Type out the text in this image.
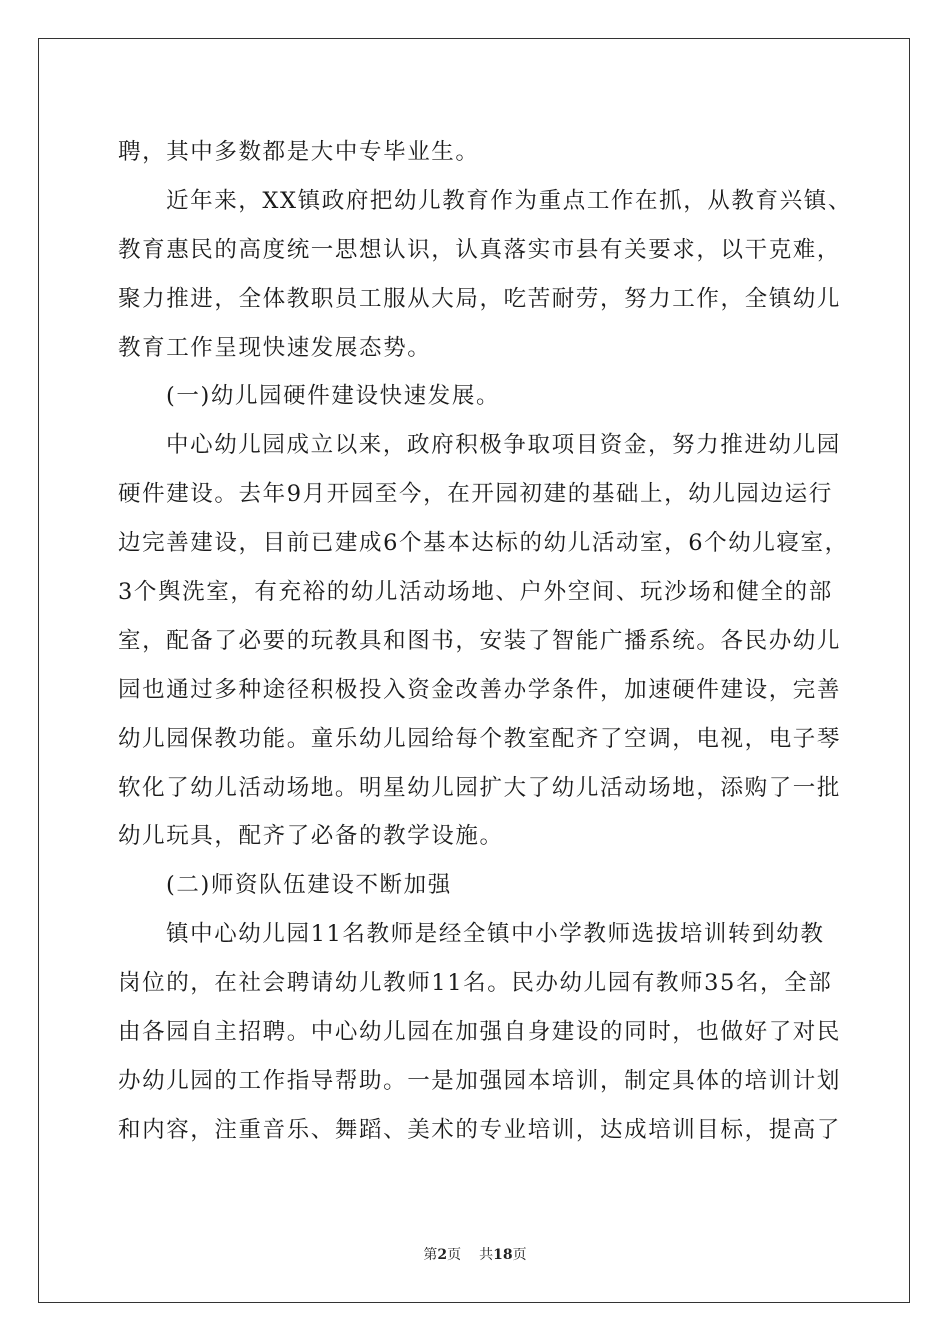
聘，其中多数都是大中专毕业生。
近年来，XX镇政府把幼儿教育作为重点工作在抓，从教育兴镇、
教育惠民的高度统一思想认识，认真落实市县有关要求，以干克难，
聚力推进，全体教职员工服从大局，吃苦耐劳，努力工作，全镇幼儿
教育工作呈现快速发展态势。
(一)幼儿园硬件建设快速发展。
中心幼儿园成立以来，政府积极争取项目资金，努力推进幼儿园
硬件建设。去年9月开园至今，在开园初建的基础上，幼儿园边运行
边完善建设，目前已建成6个基本达标的幼儿活动室，6个幼儿寝室，
3个舆洗室，有充裕的幼儿活动场地、户外空间、玩沙场和健全的部
室，配备了必要的玩教具和图书，安装了智能广播系统。各民办幼儿
园也通过多种途径积极投入资金改善办学条件，加速硬件建设，完善
幼儿园保教功能。童乐幼儿园给每个教室配齐了空调，电视，电子琴
软化了幼儿活动场地。明星幼儿园扩大了幼儿活动场地，添购了一批
幼儿玩具，配齐了必备的教学设施。
(二)师资队伍建设不断加强
镇中心幼儿园11名教师是经全镇中小学教师选拔培训转到幼教
岗位的，在社会聘请幼儿教师11名。民办幼儿园有教师35名，全部
由各园自主招聘。中心幼儿园在加强自身建设的同时，也做好了对民
办幼儿园的工作指导帮助。一是加强园本培训，制定具体的培训计划
和内容，注重音乐、舞蹈、美术的专业培训，达成培训目标，提高了
第2页 共18页
